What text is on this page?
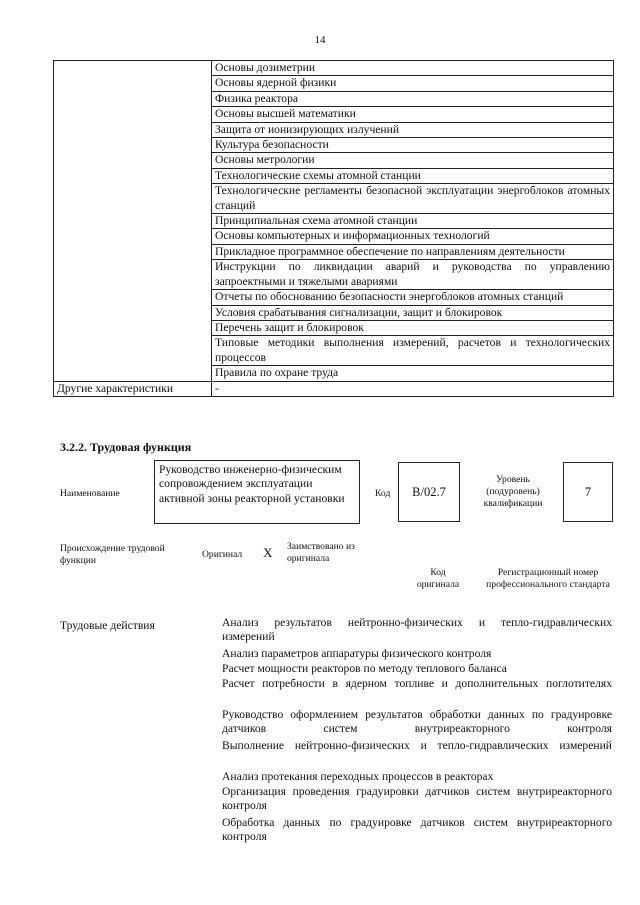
14
	Основы дозиметрии
	Основы ядерной физики
	Физика реактора
	Основы высшей математики
	Защита от ионизирующих излучений
	Культура безопасности
	Основы метрологии
	Технологические схемы атомной станции
	Технологические регламенты безопасной эксплуатации энергоблоков атомных станций
	Принципиальная схема атомной станции
	Основы компьютерных и информационных технологий
	Прикладное программное обеспечение по направлениям деятельности
	Инструкции по ликвидации аварий и руководства по управлению запроектными и тяжелыми авариями
	Отчеты по обоснованию безопасности энергоблоков атомных станций
	Условия срабатывания сигнализации, защит и блокировок
	Перечень защит и блокировок
	Типовые методики выполнения измерений, расчетов и технологических процессов
	Правила по охране труда
Другие характеристики	-
3.2.2. Трудовая функция
Наименование
Руководство инженерно-физическим сопровождением эксплуатации активной зоны реакторной установки	Код B/02.7
Уровень (подуровень) квалификации
7
Происхождение трудовой функции
Оригинал X Заимствовано из оригинала
Код оригинала
Регистрационный номер профессионального стандарта
Трудовые действия	Анализ результатов нейтронно-физических и тепло-гидравлических измерений
Анализ параметров аппаратуры физического контроля
Расчет мощности реакторов по методу теплового баланса
Расчет потребности в ядерном топливе и дополнительных поглотителях
Руководство оформлением результатов обработки данных по градуировке датчиков систем внутриреакторного контроля
Выполнение нейтронно-физических и тепло-гидравлических измерений
Анализ протекания переходных процессов в реакторах
Организация проведения градуировки датчиков систем внутриреакторного контроля
Обработка данных по градуировке датчиков систем внутриреакторного контроля
